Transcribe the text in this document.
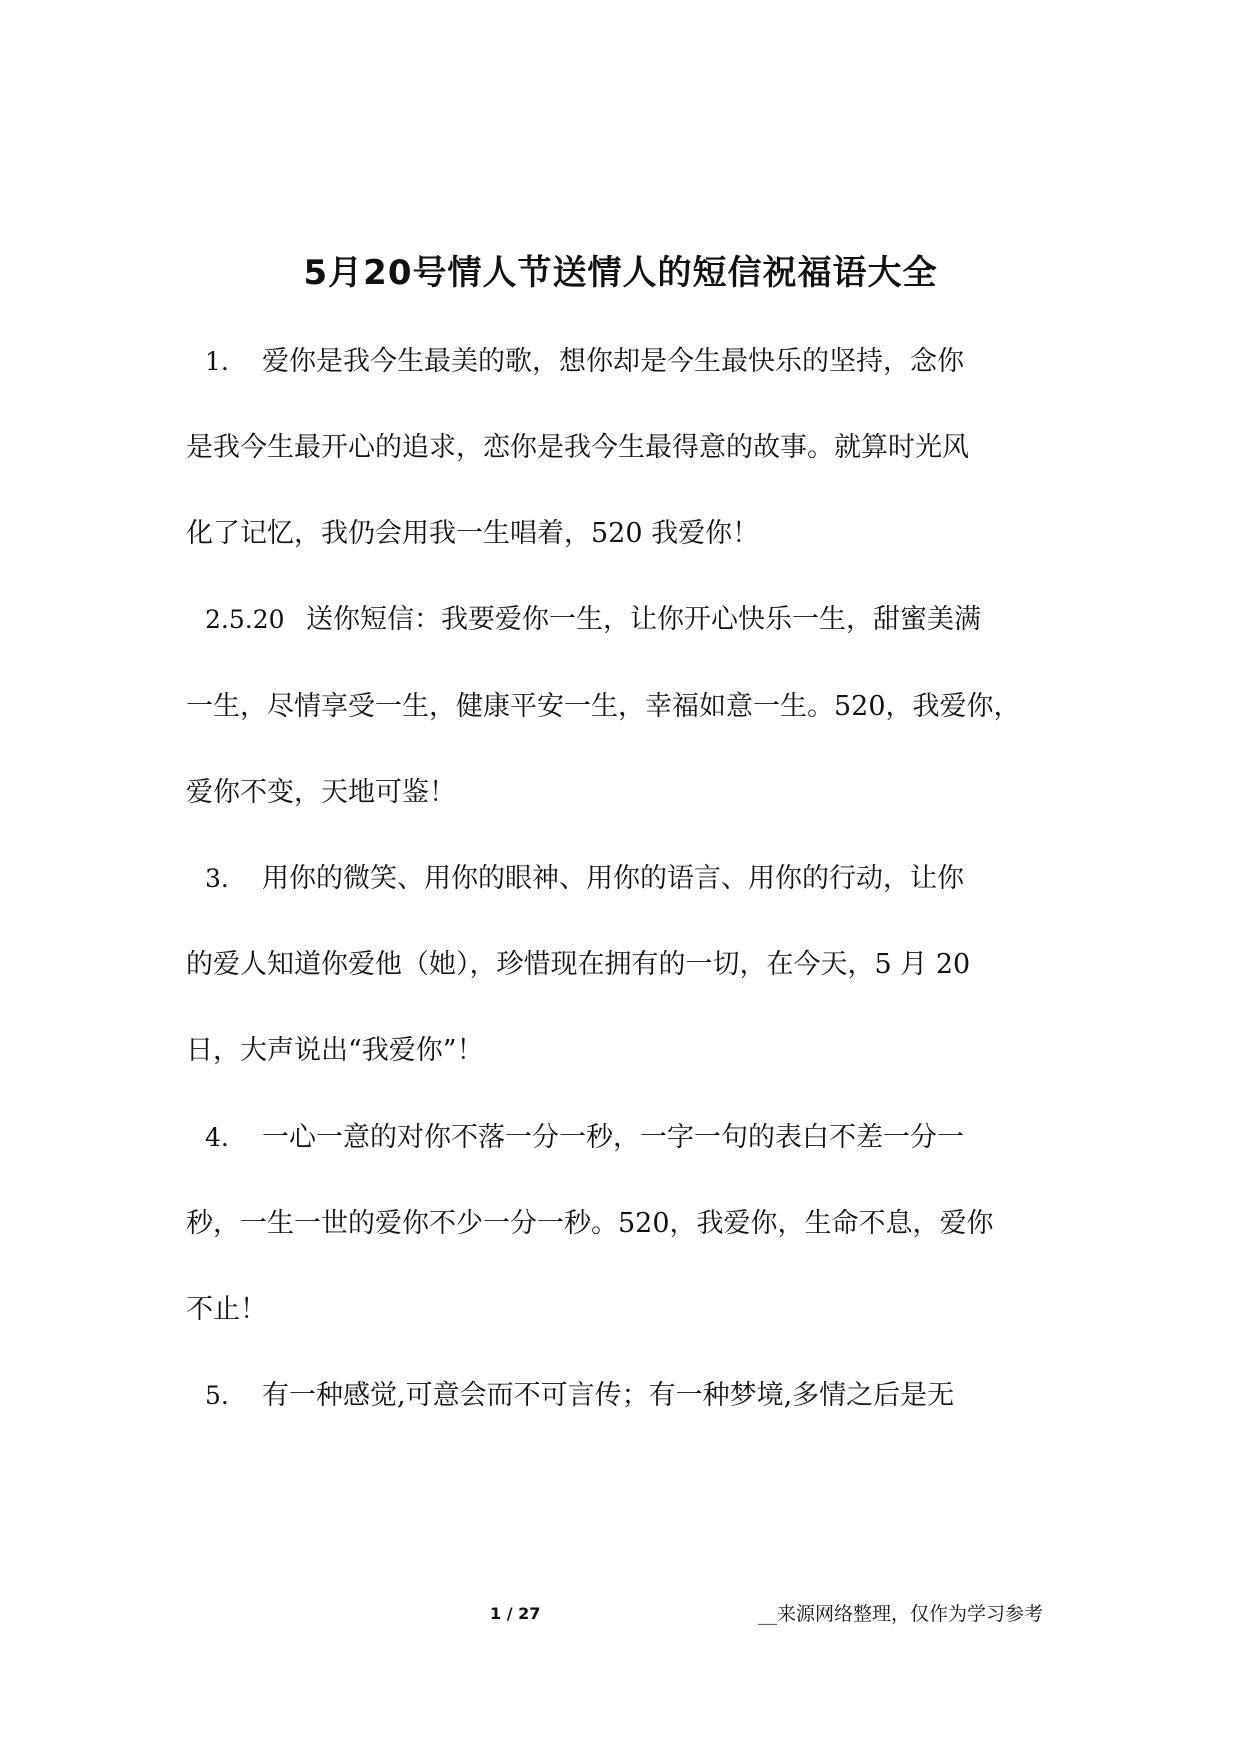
5月20号情人节送情人的短信祝福语大全
1. 爱你是我今生最美的歌，想你却是今生最快乐的坚持，念你
是我今生最开心的追求，恋你是我今生最得意的故事。就算时光风
化了记忆，我仍会用我一生唱着，520 我爱你！
2.5.20 送你短信：我要爱你一生，让你开心快乐一生，甜蜜美满
一生，尽情享受一生，健康平安一生，幸福如意一生。520，我爱你，
爱你不变，天地可鉴！
3. 用你的微笑、用你的眼神、用你的语言、用你的行动，让你
的爱人知道你爱他（她），珍惜现在拥有的一切，在今天，5 月 20
日，大声说出“我爱你”！
4. 一心一意的对你不落一分一秒，一字一句的表白不差一分一
秒，一生一世的爱你不少一分一秒。520，我爱你，生命不息，爱你
不止！
5. 有一种感觉,可意会而不可言传；有一种梦境,多情之后是无
1 / 27	__来源网络整理，仅作为学习参考
